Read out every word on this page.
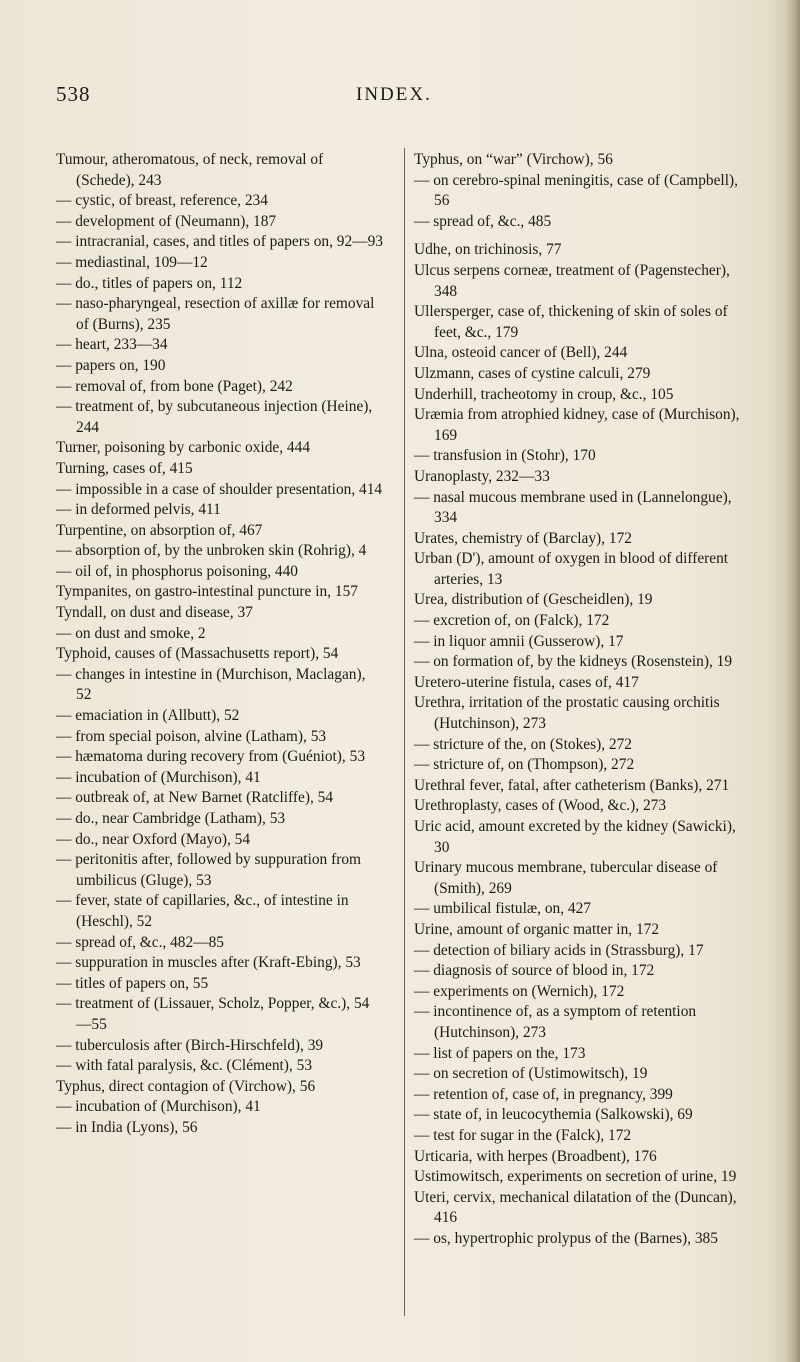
538	INDEX.

Tumour, atheromatous, of neck, removal of (Schede), 243

— cystic, of breast, reference, 234

— development of (Neumann), 187

— intracranial, cases, and titles of papers on, 92—93

— mediastinal, 109—12

— do., titles of papers on, 112

— naso-pharyngeal, resection of axillæ for removal of (Burns), 235

— heart, 233—34

— papers on, 190

— removal of, from bone (Paget), 242

— treatment of, by subcutaneous injection (Heine), 244

Turner, poisoning by carbonic oxide, 444

Turning, cases of, 415

— impossible in a case of shoulder presentation, 414

— in deformed pelvis, 411

Turpentine, on absorption of, 467

— absorption of, by the unbroken skin (Rohrig), 4

— oil of, in phosphorus poisoning, 440

Tympanites, on gastro-intestinal puncture in, 157

Tyndall, on dust and disease, 37

— on dust and smoke, 2

Typhoid, causes of (Massachusetts report), 54

— changes in intestine in (Murchison, Maclagan), 52

— emaciation in (Allbutt), 52

— from special poison, alvine (Latham), 53

— hæmatoma during recovery from (Guéniot), 53

— incubation of (Murchison), 41

— outbreak of, at New Barnet (Ratcliffe), 54

— do., near Cambridge (Latham), 53

— do., near Oxford (Mayo), 54

— peritonitis after, followed by suppuration from umbilicus (Gluge), 53

— fever, state of capillaries, &c., of intestine in (Heschl), 52

— spread of, &c., 482—85

— suppuration in muscles after (Kraft-Ebing), 53

— titles of papers on, 55

— treatment of (Lissauer, Scholz, Popper, &c.), 54—55

— tuberculosis after (Birch-Hirschfeld), 39

— with fatal paralysis, &c. (Clément), 53

Typhus, direct contagion of (Virchow), 56

— incubation of (Murchison), 41

— in India (Lyons), 56

Typhus, on “war” (Virchow), 56

— on cerebro-spinal meningitis, case of (Campbell), 56

— spread of, &c., 485

Udhe, on trichinosis, 77

Ulcus serpens corneæ, treatment of (Pagenstecher), 348

Ullersperger, case of, thickening of skin of soles of feet, &c., 179

Ulna, osteoid cancer of (Bell), 244

Ulzmann, cases of cystine calculi, 279

Underhill, tracheotomy in croup, &c., 105

Uræmia from atrophied kidney, case of (Murchison), 169

— transfusion in (Stohr), 170

Uranoplasty, 232—33

— nasal mucous membrane used in (Lannelongue), 334

Urates, chemistry of (Barclay), 172

Urban (D'), amount of oxygen in blood of different arteries, 13

Urea, distribution of (Gescheidlen), 19

— excretion of, on (Falck), 172

— in liquor amnii (Gusserow), 17

— on formation of, by the kidneys (Rosenstein), 19

Uretero-uterine fistula, cases of, 417

Urethra, irritation of the prostatic causing orchitis (Hutchinson), 273

— stricture of the, on (Stokes), 272

— stricture of, on (Thompson), 272

Urethral fever, fatal, after catheterism (Banks), 271

Urethroplasty, cases of (Wood, &c.), 273

Uric acid, amount excreted by the kidney (Sawicki), 30

Urinary mucous membrane, tubercular disease of (Smith), 269

— umbilical fistulæ, on, 427

Urine, amount of organic matter in, 172

— detection of biliary acids in (Strassburg), 17

— diagnosis of source of blood in, 172

— experiments on (Wernich), 172

— incontinence of, as a symptom of retention (Hutchinson), 273

— list of papers on the, 173

— on secretion of (Ustimowitsch), 19

— retention of, case of, in pregnancy, 399

— state of, in leucocythemia (Salkowski), 69

— test for sugar in the (Falck), 172

Urticaria, with herpes (Broadbent), 176

Ustimowitsch, experiments on secretion of urine, 19

Uteri, cervix, mechanical dilatation of the (Duncan), 416

— os, hypertrophic prolypus of the (Barnes), 385
